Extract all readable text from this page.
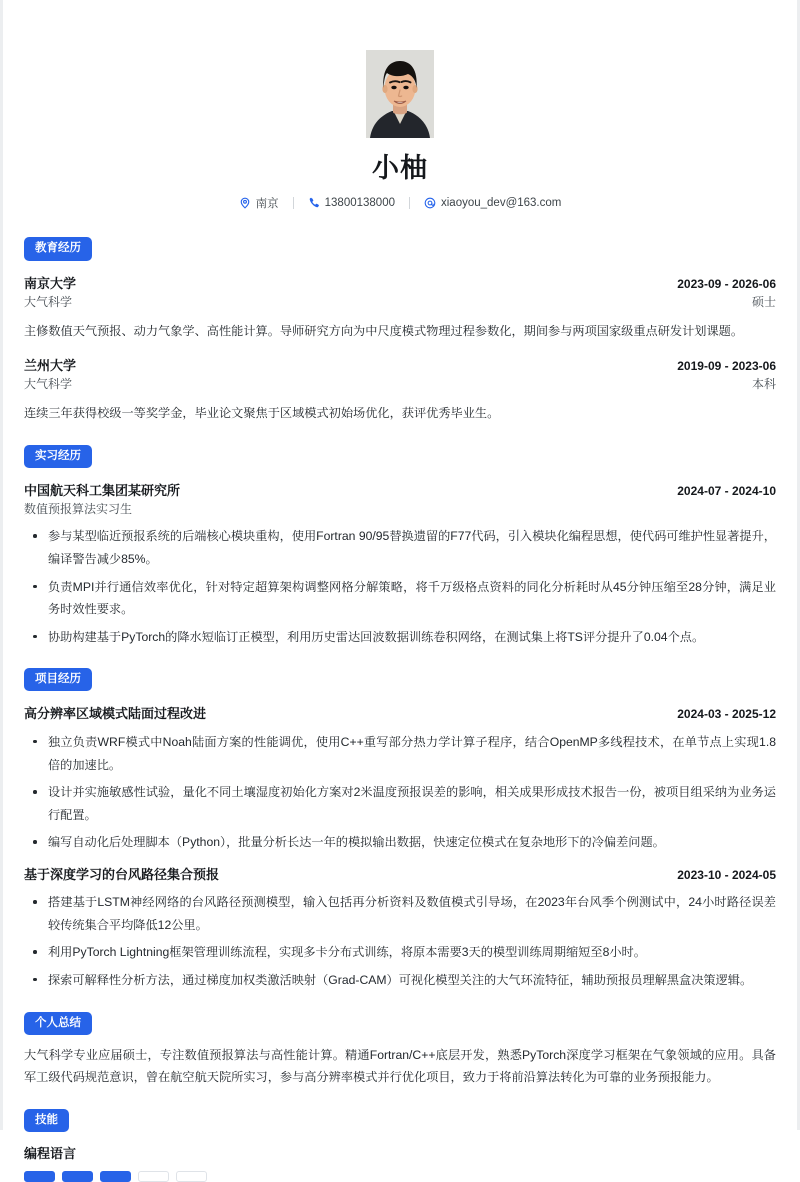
小柚
南京	13800138000	xiaoyou_dev@163.com
教育经历
南京大学	2023-09 - 2026-06
大气科学	硕士
主修数值天气预报、动力气象学、高性能计算。导师研究方向为中尺度模式物理过程参数化，期间参与两项国家级重点研发计划课题。
兰州大学	2019-09 - 2023-06
大气科学	本科
连续三年获得校级一等奖学金，毕业论文聚焦于区域模式初始场优化，获评优秀毕业生。
实习经历
中国航天科工集团某研究所	2024-07 - 2024-10
数值预报算法实习生
参与某型临近预报系统的后端核心模块重构，使用Fortran 90/95替换遗留的F77代码，引入模块化编程思想，使代码可维护性显著提升，编译警告减少85%。
负责MPI并行通信效率优化，针对特定超算架构调整网格分解策略，将千万级格点资料的同化分析耗时从45分钟压缩至28分钟，满足业务时效性要求。
协助构建基于PyTorch的降水短临订正模型，利用历史雷达回波数据训练卷积网络，在测试集上将TS评分提升了0.04个点。
项目经历
高分辨率区域模式陆面过程改进	2024-03 - 2025-12
独立负责WRF模式中Noah陆面方案的性能调优，使用C++重写部分热力学计算子程序，结合OpenMP多线程技术，在单节点上实现1.8倍的加速比。
设计并实施敏感性试验，量化不同土壤湿度初始化方案对2米温度预报误差的影响，相关成果形成技术报告一份，被项目组采纳为业务运行配置。
编写自动化后处理脚本（Python），批量分析长达一年的模拟输出数据，快速定位模式在复杂地形下的冷偏差问题。
基于深度学习的台风路径集合预报	2023-10 - 2024-05
搭建基于LSTM神经网络的台风路径预测模型，输入包括再分析资料及数值模式引导场，在2023年台风季个例测试中，24小时路径误差较传统集合平均降低12公里。
利用PyTorch Lightning框架管理训练流程，实现多卡分布式训练，将原本需要3天的模型训练周期缩短至8小时。
探索可解释性分析方法，通过梯度加权类激活映射（Grad-CAM）可视化模型关注的大气环流特征，辅助预报员理解黑盒决策逻辑。
个人总结
大气科学专业应届硕士，专注数值预报算法与高性能计算。精通Fortran/C++底层开发，熟悉PyTorch深度学习框架在气象领域的应用。具备军工级代码规范意识，曾在航空航天院所实习，参与高分辨率模式并行优化项目，致力于将前沿算法转化为可靠的业务预报能力。
技能
编程语言
